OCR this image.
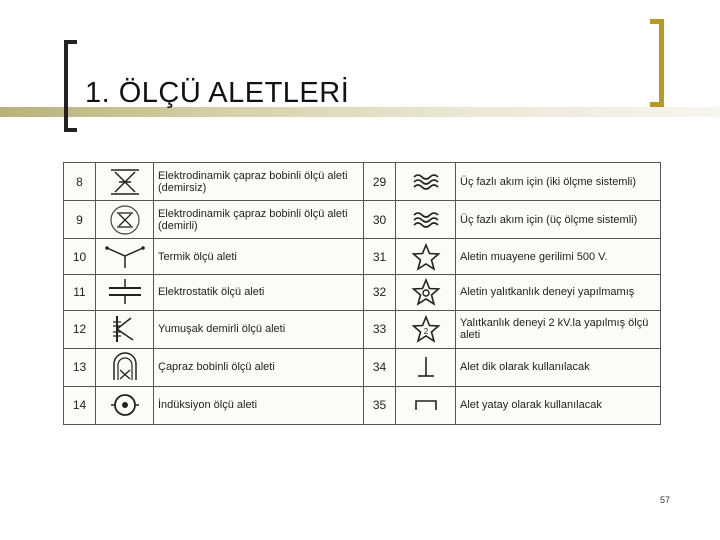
1. ÖLÇÜ ALETLERİ
8		Elektrodinamik çapraz bobinli ölçü aleti (demirsiz)	29		Üç fazlı akım için (iki ölçme sistemli)
9		Elektrodinamik çapraz bobinli ölçü aleti (demirli)	30		Üç fazlı akım için (üç ölçme sistemli)
10		Termik ölçü aleti	31		Aletin muayene gerilimi 500 V.
11		Elektrostatik ölçü aleti	32		Aletin yalıtkanlık deneyi yapılmamış
12		Yumuşak demirli ölçü aleti	33	2	Yalıtkanlık deneyi 2 kV.la yapılmış ölçü aleti
13		Çapraz bobinli ölçü aleti	34		Alet dik olarak kullanılacak
14		İndüksiyon ölçü aleti	35		Alet yatay olarak kullanılacak
57
